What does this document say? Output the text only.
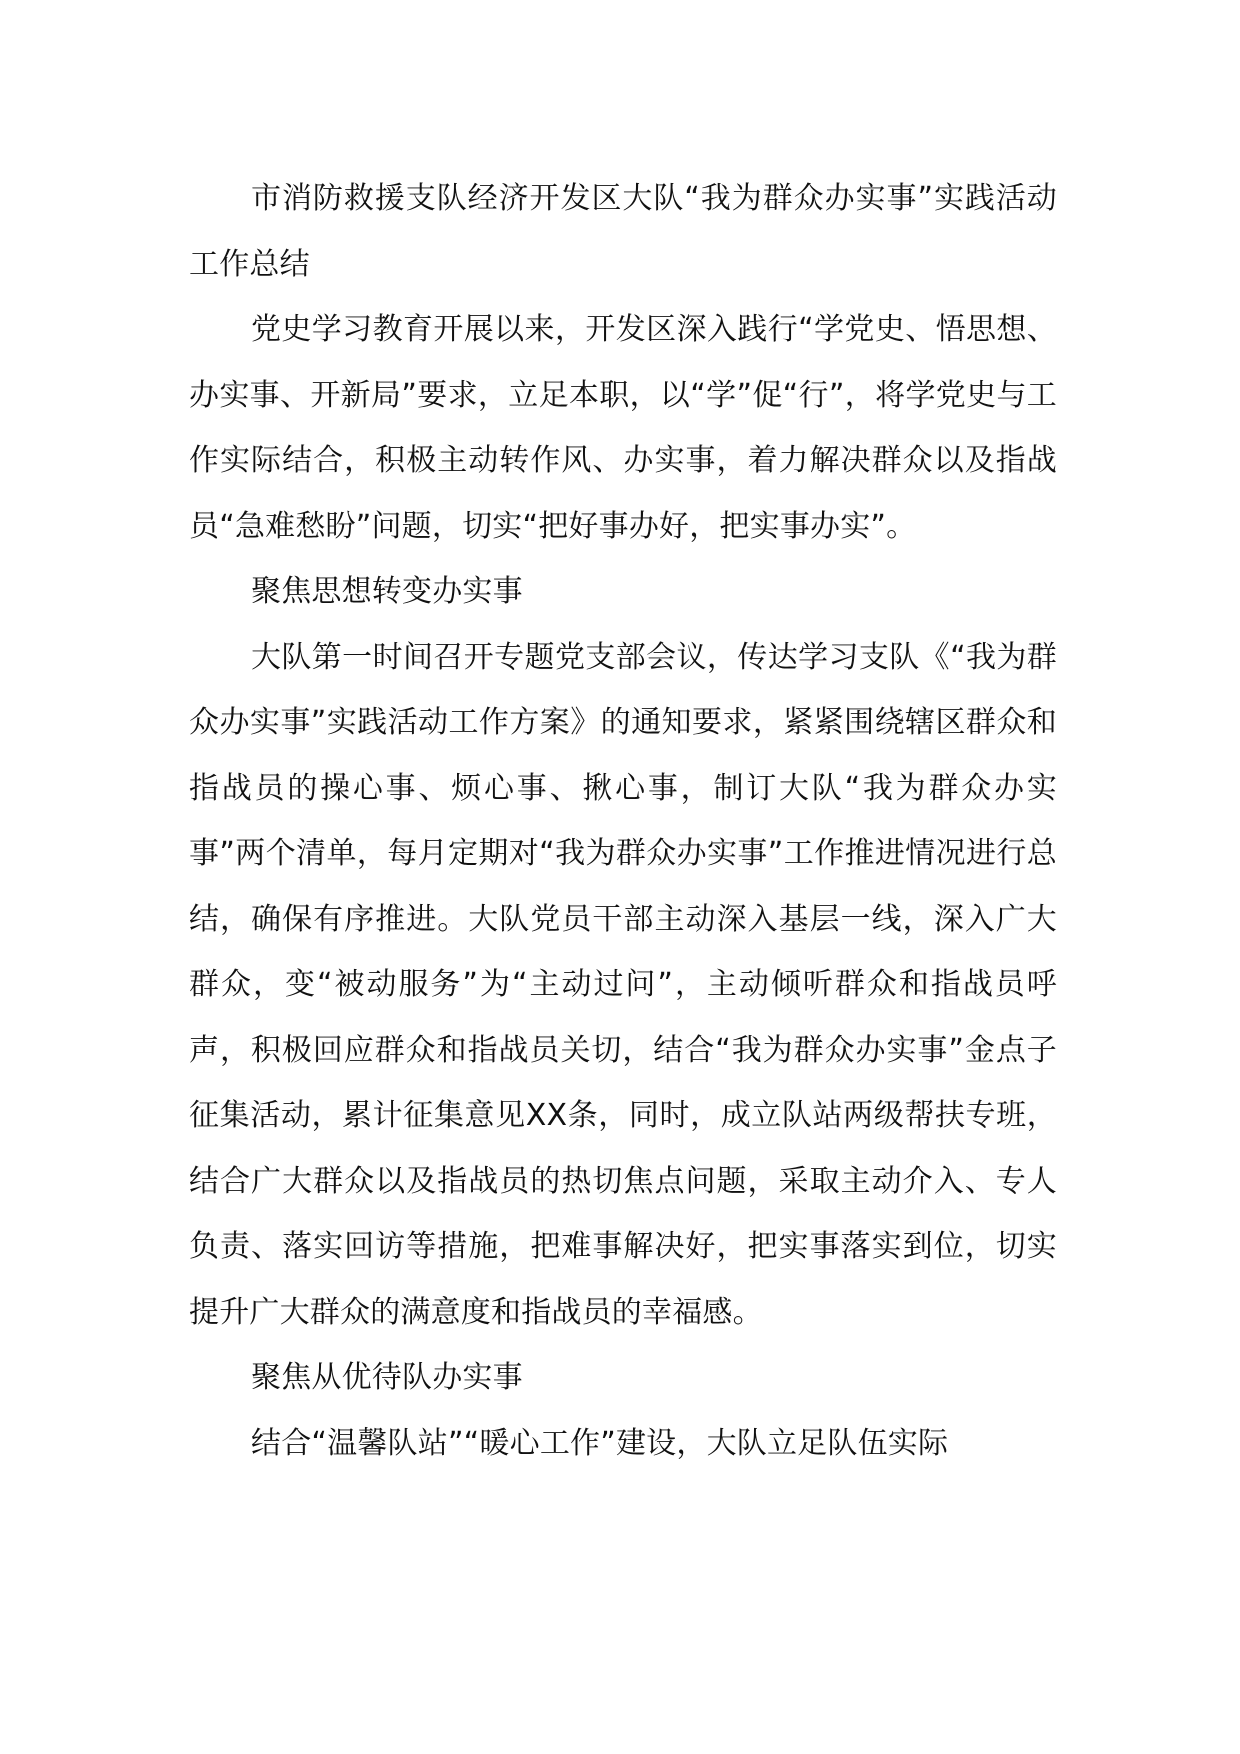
市消防救援支队经济开发区大队“我为群众办实事”实践活动工作总结

党史学习教育开展以来，开发区深入践行“学党史、悟思想、办实事、开新局”要求，立足本职，以“学”促“行”，将学党史与工作实际结合，积极主动转作风、办实事，着力解决群众以及指战员“急难愁盼”问题，切实“把好事办好，把实事办实”。

聚焦思想转变办实事

大队第一时间召开专题党支部会议，传达学习支队《“我为群众办实事”实践活动工作方案》的通知要求，紧紧围绕辖区群众和指战员的操心事、烦心事、揪心事，制订大队“我为群众办实事”两个清单，每月定期对“我为群众办实事”工作推进情况进行总结，确保有序推进。大队党员干部主动深入基层一线，深入广大群众，变“被动服务”为“主动过问”，主动倾听群众和指战员呼声，积极回应群众和指战员关切，结合“我为群众办实事”金点子征集活动，累计征集意见XX条，同时，成立队站两级帮扶专班，结合广大群众以及指战员的热切焦点问题，采取主动介入、专人负责、落实回访等措施，把难事解决好，把实事落实到位，切实提升广大群众的满意度和指战员的幸福感。

聚焦从优待队办实事

结合“温馨队站”“暖心工作”建设，大队立足队伍实际
